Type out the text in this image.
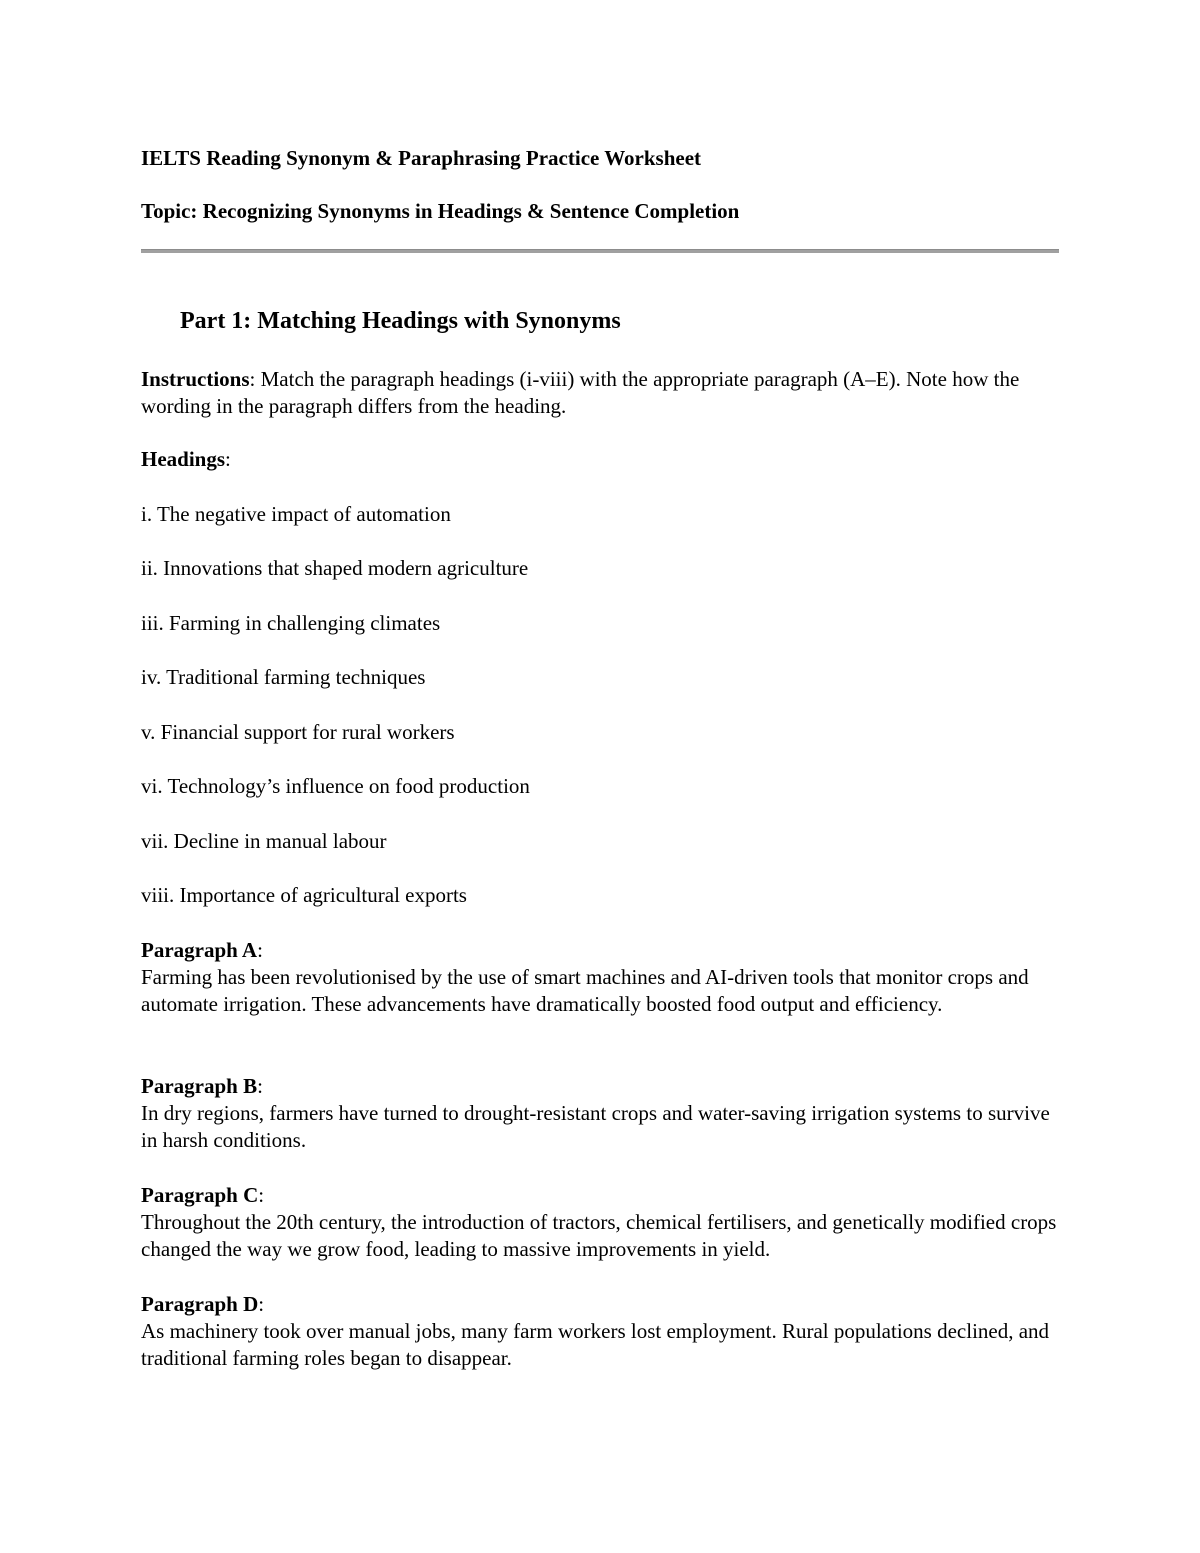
IELTS Reading Synonym & Paraphrasing Practice Worksheet
Topic: Recognizing Synonyms in Headings & Sentence Completion
Part 1: Matching Headings with Synonyms
Instructions: Match the paragraph headings (i-viii) with the appropriate paragraph (A–E). Note how the wording in the paragraph differs from the heading.
Headings:
i. The negative impact of automation
ii. Innovations that shaped modern agriculture
iii. Farming in challenging climates
iv. Traditional farming techniques
v. Financial support for rural workers
vi. Technology’s influence on food production
vii. Decline in manual labour
viii. Importance of agricultural exports
Paragraph A:
Farming has been revolutionised by the use of smart machines and AI-driven tools that monitor crops and automate irrigation. These advancements have dramatically boosted food output and efficiency.
Paragraph B:
In dry regions, farmers have turned to drought-resistant crops and water-saving irrigation systems to survive in harsh conditions.
Paragraph C:
Throughout the 20th century, the introduction of tractors, chemical fertilisers, and genetically modified crops changed the way we grow food, leading to massive improvements in yield.
Paragraph D:
As machinery took over manual jobs, many farm workers lost employment. Rural populations declined, and traditional farming roles began to disappear.
